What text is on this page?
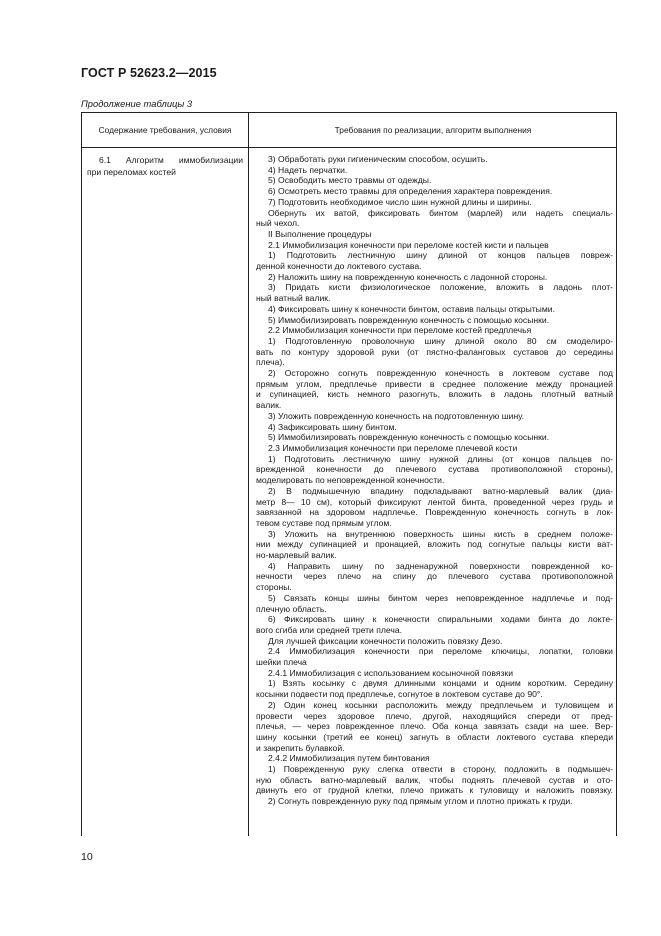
ГОСТ Р 52623.2—2015
Продолжение таблицы 3
Содержание требования, условия	Требования по реализации, алгоритм выполнения
6.1 Алгоритм иммобилизации
при переломах костей
3) Обработать руки гигиеническим способом, осушить.
4) Надеть перчатки.
5) Освободить место травмы от одежды.
6) Осмотреть место травмы для определения характера повреждения.
7) Подготовить необходимое число шин нужной длины и ширины.
Обернуть их ватой, фиксировать бинтом (марлей) или надеть специаль-
ный чехол.
II Выполнение процедуры
2.1 Иммобилизация конечности при переломе костей кисти и пальцев
1) Подготовить лестничную шину длиной от концов пальцев повреж-
денной конечности до локтевого сустава.
2) Наложить шину на поврежденную конечность с ладонной стороны.
3) Придать кисти физиологическое положение, вложить в ладонь плот-
ный ватный валик.
4) Фиксировать шину к конечности бинтом, оставив пальцы открытыми.
5) Иммобилизировать поврежденную конечность с помощью косынки.
2.2 Иммобилизация конечности при переломе костей предплечья
1) Подготовленную проволочную шину длиной около 80 см смоделиро-
вать по контуру здоровой руки (от пястно-фаланговых суставов до середины
плеча).
2) Осторожно согнуть поврежденную конечность в локтевом суставе под
прямым углом, предплечье привести в среднее положение между пронацией
и супинацией, кисть немного разогнуть, вложить в ладонь плотный ватный
валик.
3) Уложить поврежденную конечность на подготовленную шину.
4) Зафиксировать шину бинтом.
5) Иммобилизировать поврежденную конечность с помощью косынки.
2.3 Иммобилизация конечности при переломе плечевой кости
1) Подготовить лестничную шину нужной длины (от концов пальцев по-
врежденной конечности до плечевого сустава противоположной стороны),
моделировать по неповрежденной конечности.
2) В подмышечную впадину подкладывают ватно-марлевый валик (диа-
метр 8— 10 см), который фиксируют лентой бинта, проведенной через грудь и
завязанной на здоровом надплечье. Поврежденную конечность согнуть в лок-
тевом суставе под прямым углом.
3) Уложить на внутреннюю поверхность шины кисть в среднем положе-
нии между супинацией и пронацией, вложить под согнутые пальцы кисти ват-
но-марлевый валик.
4) Направить шину по задненаружной поверхности поврежденной ко-
нечности через плечо на спину до плечевого сустава противоположной
стороны.
5) Связать концы шины бинтом через неповрежденное надплечье и под-
плечную область.
6) Фиксировать шину к конечности спиральными ходами бинта до локте-
вого сгиба или средней трети плеча.
Для лучшей фиксации конечности положить повязку Дезо.
2.4 Иммобилизация конечности при переломе ключицы, лопатки, головки
шейки плеча
2.4.1 Иммобилизация с использованием косыночной повязки
1) Взять косынку с двумя длинными концами и одним коротким. Середину
косынки подвести под предплечье, согнутое в локтевом суставе до 90°.
2) Один конец косынки расположить между предплечьем и туловищем и
провести через здоровое плечо, другой, находящийся спереди от пред-
плечья, — через поврежденное плечо. Оба конца завязать сзади на шее. Вер-
шину косынки (третий ее конец) загнуть в области локтевого сустава кпереди
и закрепить булавкой.
2.4.2 Иммобилизация путем бинтования
1) Поврежденную руку слегка отвести в сторону, подложить в подмышеч-
ную область ватно-марлевый валик, чтобы поднять плечевой сустав и ото-
двинуть его от грудной клетки, плечо прижать к туловищу и наложить повязку.
2) Согнуть поврежденную руку под прямым углом и плотно прижать к груди.
10
